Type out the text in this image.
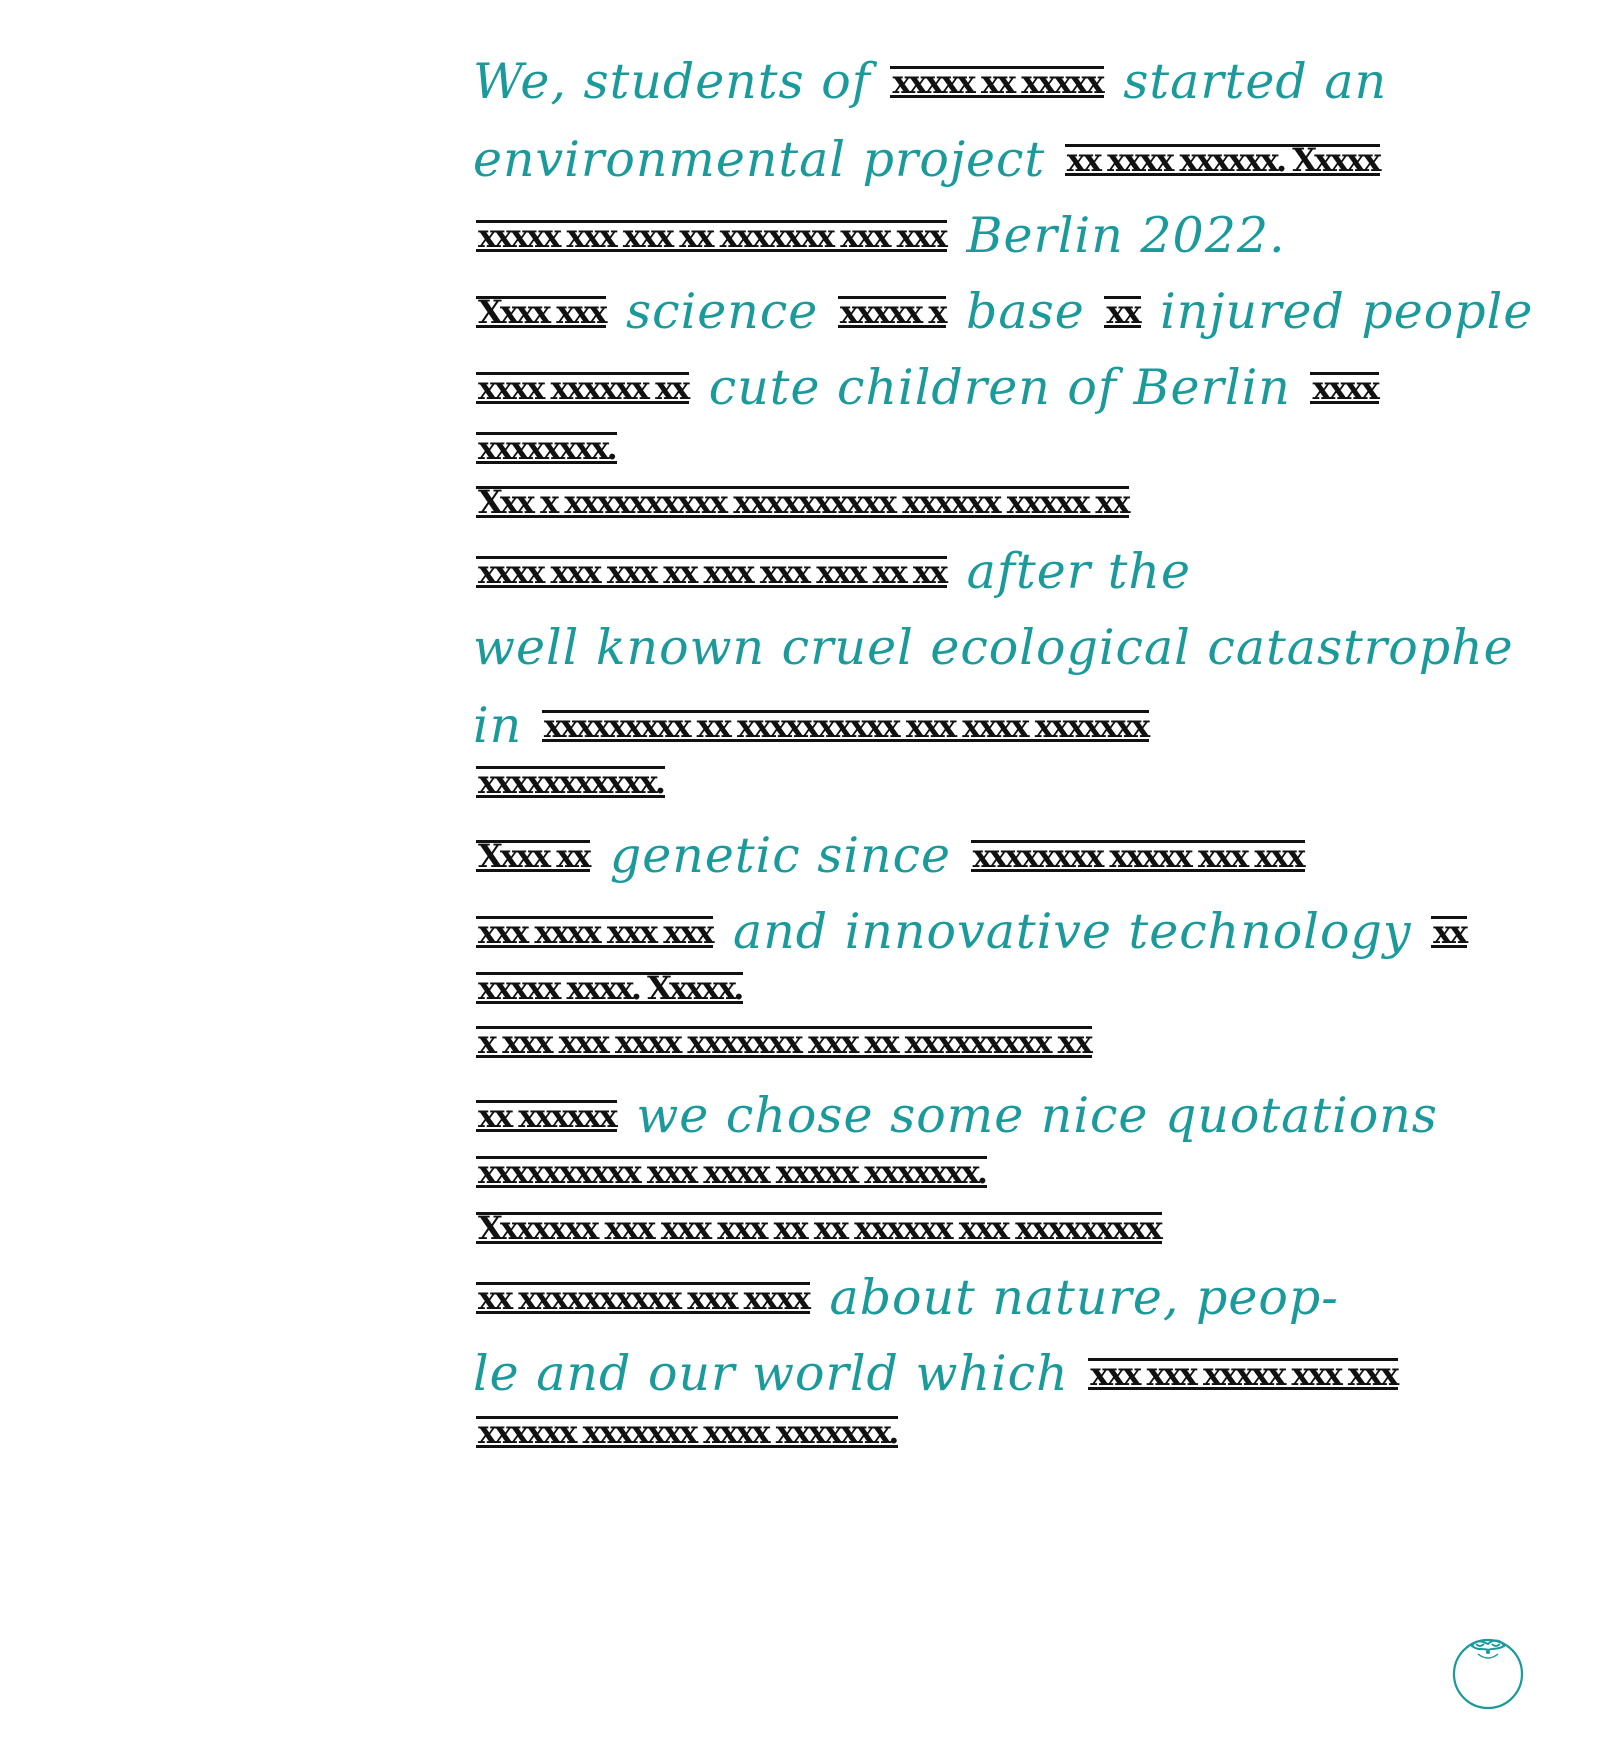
We, students of xxxxx xx xxxxx started an
environmental project xx xxxx xxxxxx. Xxxxx
xxxxx xxx xxx xx xxxxxxx xxx xxx Berlin 2022.
Xxxx xxx science xxxxx x base xx injured people
xxxx xxxxxx xx cute children of Berlin xxxx
xxxxxxxx.
Xxx x xxxxxxxxxx xxxxxxxxxx xxxxxx xxxxx xx
xxxx xxx xxx xx xxx xxx xxx xx xx after the
well known cruel ecological catastrophe
in xxxxxxxxx xx xxxxxxxxxx xxx xxxx xxxxxxx
xxxxxxxxxxx.
Xxxx xx genetic since xxxxxxxx xxxxx xxx xxx
xxx xxxx xxx xxx and innovative technology xx
xxxxx xxxx. Xxxxx.
x xxx xxx xxxx xxxxxxx xxx xx xxxxxxxxx xx
xx xxxxxx we chose some nice quotations
xxxxxxxxxx xxx xxxx xxxxx xxxxxxx.
Xxxxxxx xxx xxx xxx xx xx xxxxxx xxx xxxxxxxxx
xx xxxxxxxxxx xxx xxxx about nature, peop-
le and our world which xxx xxx xxxxx xxx xxx
xxxxxx xxxxxxx xxxx xxxxxxx.
